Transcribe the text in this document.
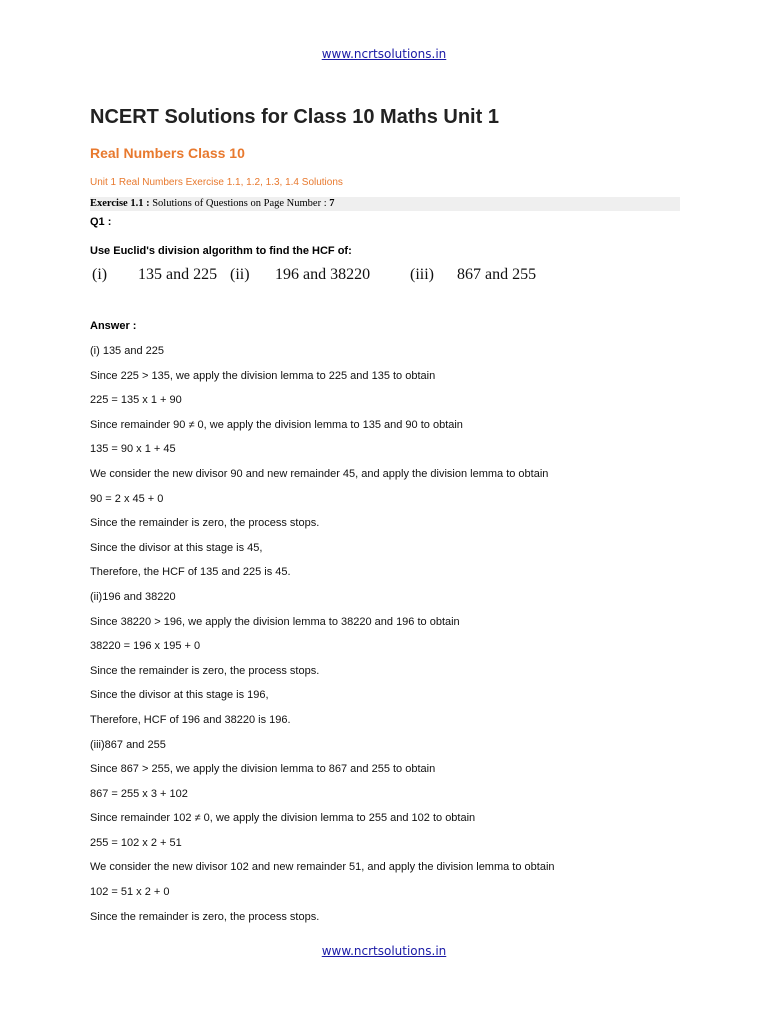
www.ncrtsolutions.in
NCERT Solutions for Class 10 Maths Unit 1
Real Numbers Class 10
Unit 1 Real Numbers Exercise 1.1, 1.2, 1.3, 1.4 Solutions
Exercise 1.1 : Solutions of Questions on Page Number : 7
Q1 :
Use Euclid's division algorithm to find the HCF of:
(i) 135 and 225 (ii) 196 and 38220 (iii) 867 and 255
Answer :
(i) 135 and 225
Since 225 > 135, we apply the division lemma to 225 and 135 to obtain
225 = 135 x 1 + 90
Since remainder 90 ≠ 0, we apply the division lemma to 135 and 90 to obtain
135 = 90 x 1 + 45
We consider the new divisor 90 and new remainder 45, and apply the division lemma to obtain
90 = 2 x 45 + 0
Since the remainder is zero, the process stops.
Since the divisor at this stage is 45,
Therefore, the HCF of 135 and 225 is 45.
(ii)196 and 38220
Since 38220 > 196, we apply the division lemma to 38220 and 196 to obtain
38220 = 196 x 195 + 0
Since the remainder is zero, the process stops.
Since the divisor at this stage is 196,
Therefore, HCF of 196 and 38220 is 196.
(iii)867 and 255
Since 867 > 255, we apply the division lemma to 867 and 255 to obtain
867 = 255 x 3 + 102
Since remainder 102 ≠ 0, we apply the division lemma to 255 and 102 to obtain
255 = 102 x 2 + 51
We consider the new divisor 102 and new remainder 51, and apply the division lemma to obtain
102 = 51 x 2 + 0
Since the remainder is zero, the process stops.
www.ncrtsolutions.in
